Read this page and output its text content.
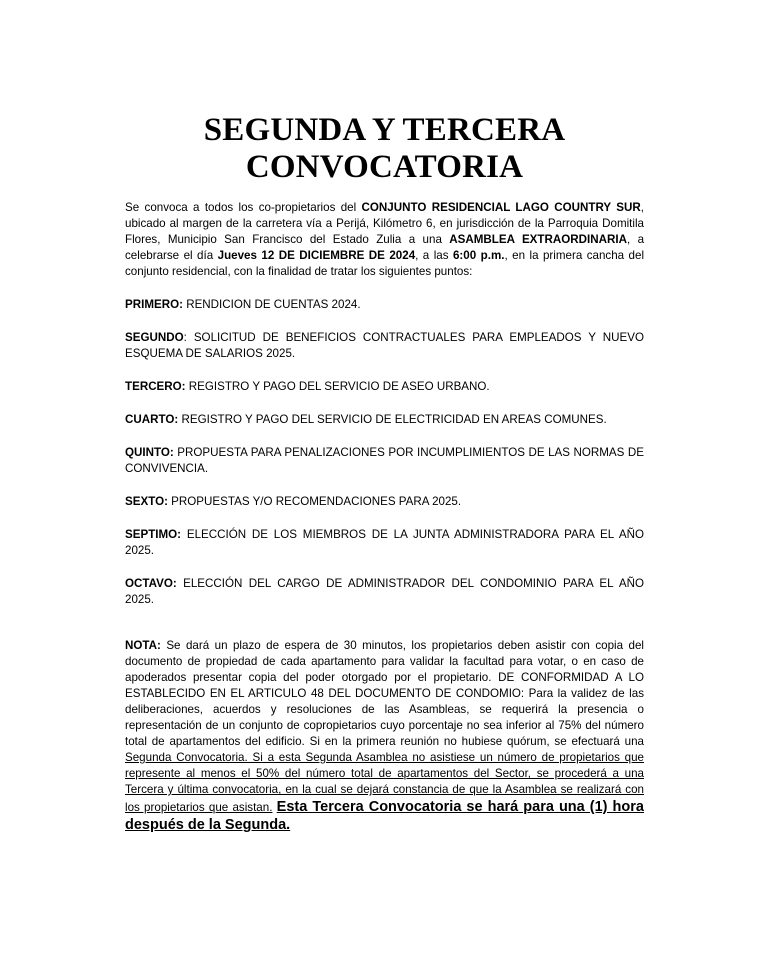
SEGUNDA Y TERCERA
CONVOCATORIA

Se convoca a todos los co-propietarios del CONJUNTO RESIDENCIAL LAGO COUNTRY SUR, ubicado al margen de la carretera vía a Perijá, Kilómetro 6, en jurisdicción de la Parroquia Domitila Flores, Municipio San Francisco del Estado Zulia a una ASAMBLEA EXTRAORDINARIA, a celebrarse el día Jueves 12 DE DICIEMBRE DE 2024, a las 6:00 p.m., en la primera cancha del conjunto residencial, con la finalidad de tratar los siguientes puntos:

PRIMERO: RENDICION DE CUENTAS 2024.

SEGUNDO: SOLICITUD DE BENEFICIOS CONTRACTUALES PARA EMPLEADOS Y NUEVO ESQUEMA DE SALARIOS 2025.

TERCERO: REGISTRO Y PAGO DEL SERVICIO DE ASEO URBANO.

CUARTO: REGISTRO Y PAGO DEL SERVICIO DE ELECTRICIDAD EN AREAS COMUNES.

QUINTO: PROPUESTA PARA PENALIZACIONES POR INCUMPLIMIENTOS DE LAS NORMAS DE CONVIVENCIA.

SEXTO: PROPUESTAS Y/O RECOMENDACIONES PARA 2025.

SEPTIMO: ELECCIÓN DE LOS MIEMBROS DE LA JUNTA ADMINISTRADORA PARA EL AÑO 2025.

OCTAVO: ELECCIÓN DEL CARGO DE ADMINISTRADOR DEL CONDOMINIO PARA EL AÑO 2025.

NOTA: Se dará un plazo de espera de 30 minutos, los propietarios deben asistir con copia del documento de propiedad de cada apartamento para validar la facultad para votar, o en caso de apoderados presentar copia del poder otorgado por el propietario. DE CONFORMIDAD A LO ESTABLECIDO EN EL ARTICULO 48 DEL DOCUMENTO DE CONDOMIO: Para la validez de las deliberaciones, acuerdos y resoluciones de las Asambleas, se requerirá la presencia o representación de un conjunto de copropietarios cuyo porcentaje no sea inferior al 75% del número total de apartamentos del edificio. Si en la primera reunión no hubiese quórum, se efectuará una Segunda Convocatoria. Si a esta Segunda Asamblea no asistiese un número de propietarios que represente al menos el 50% del número total de apartamentos del Sector, se procederá a una Tercera y última convocatoria, en la cual se dejará constancia de que la Asamblea se realizará con los propietarios que asistan. Esta Tercera Convocatoria se hará para una (1) hora después de la Segunda.
